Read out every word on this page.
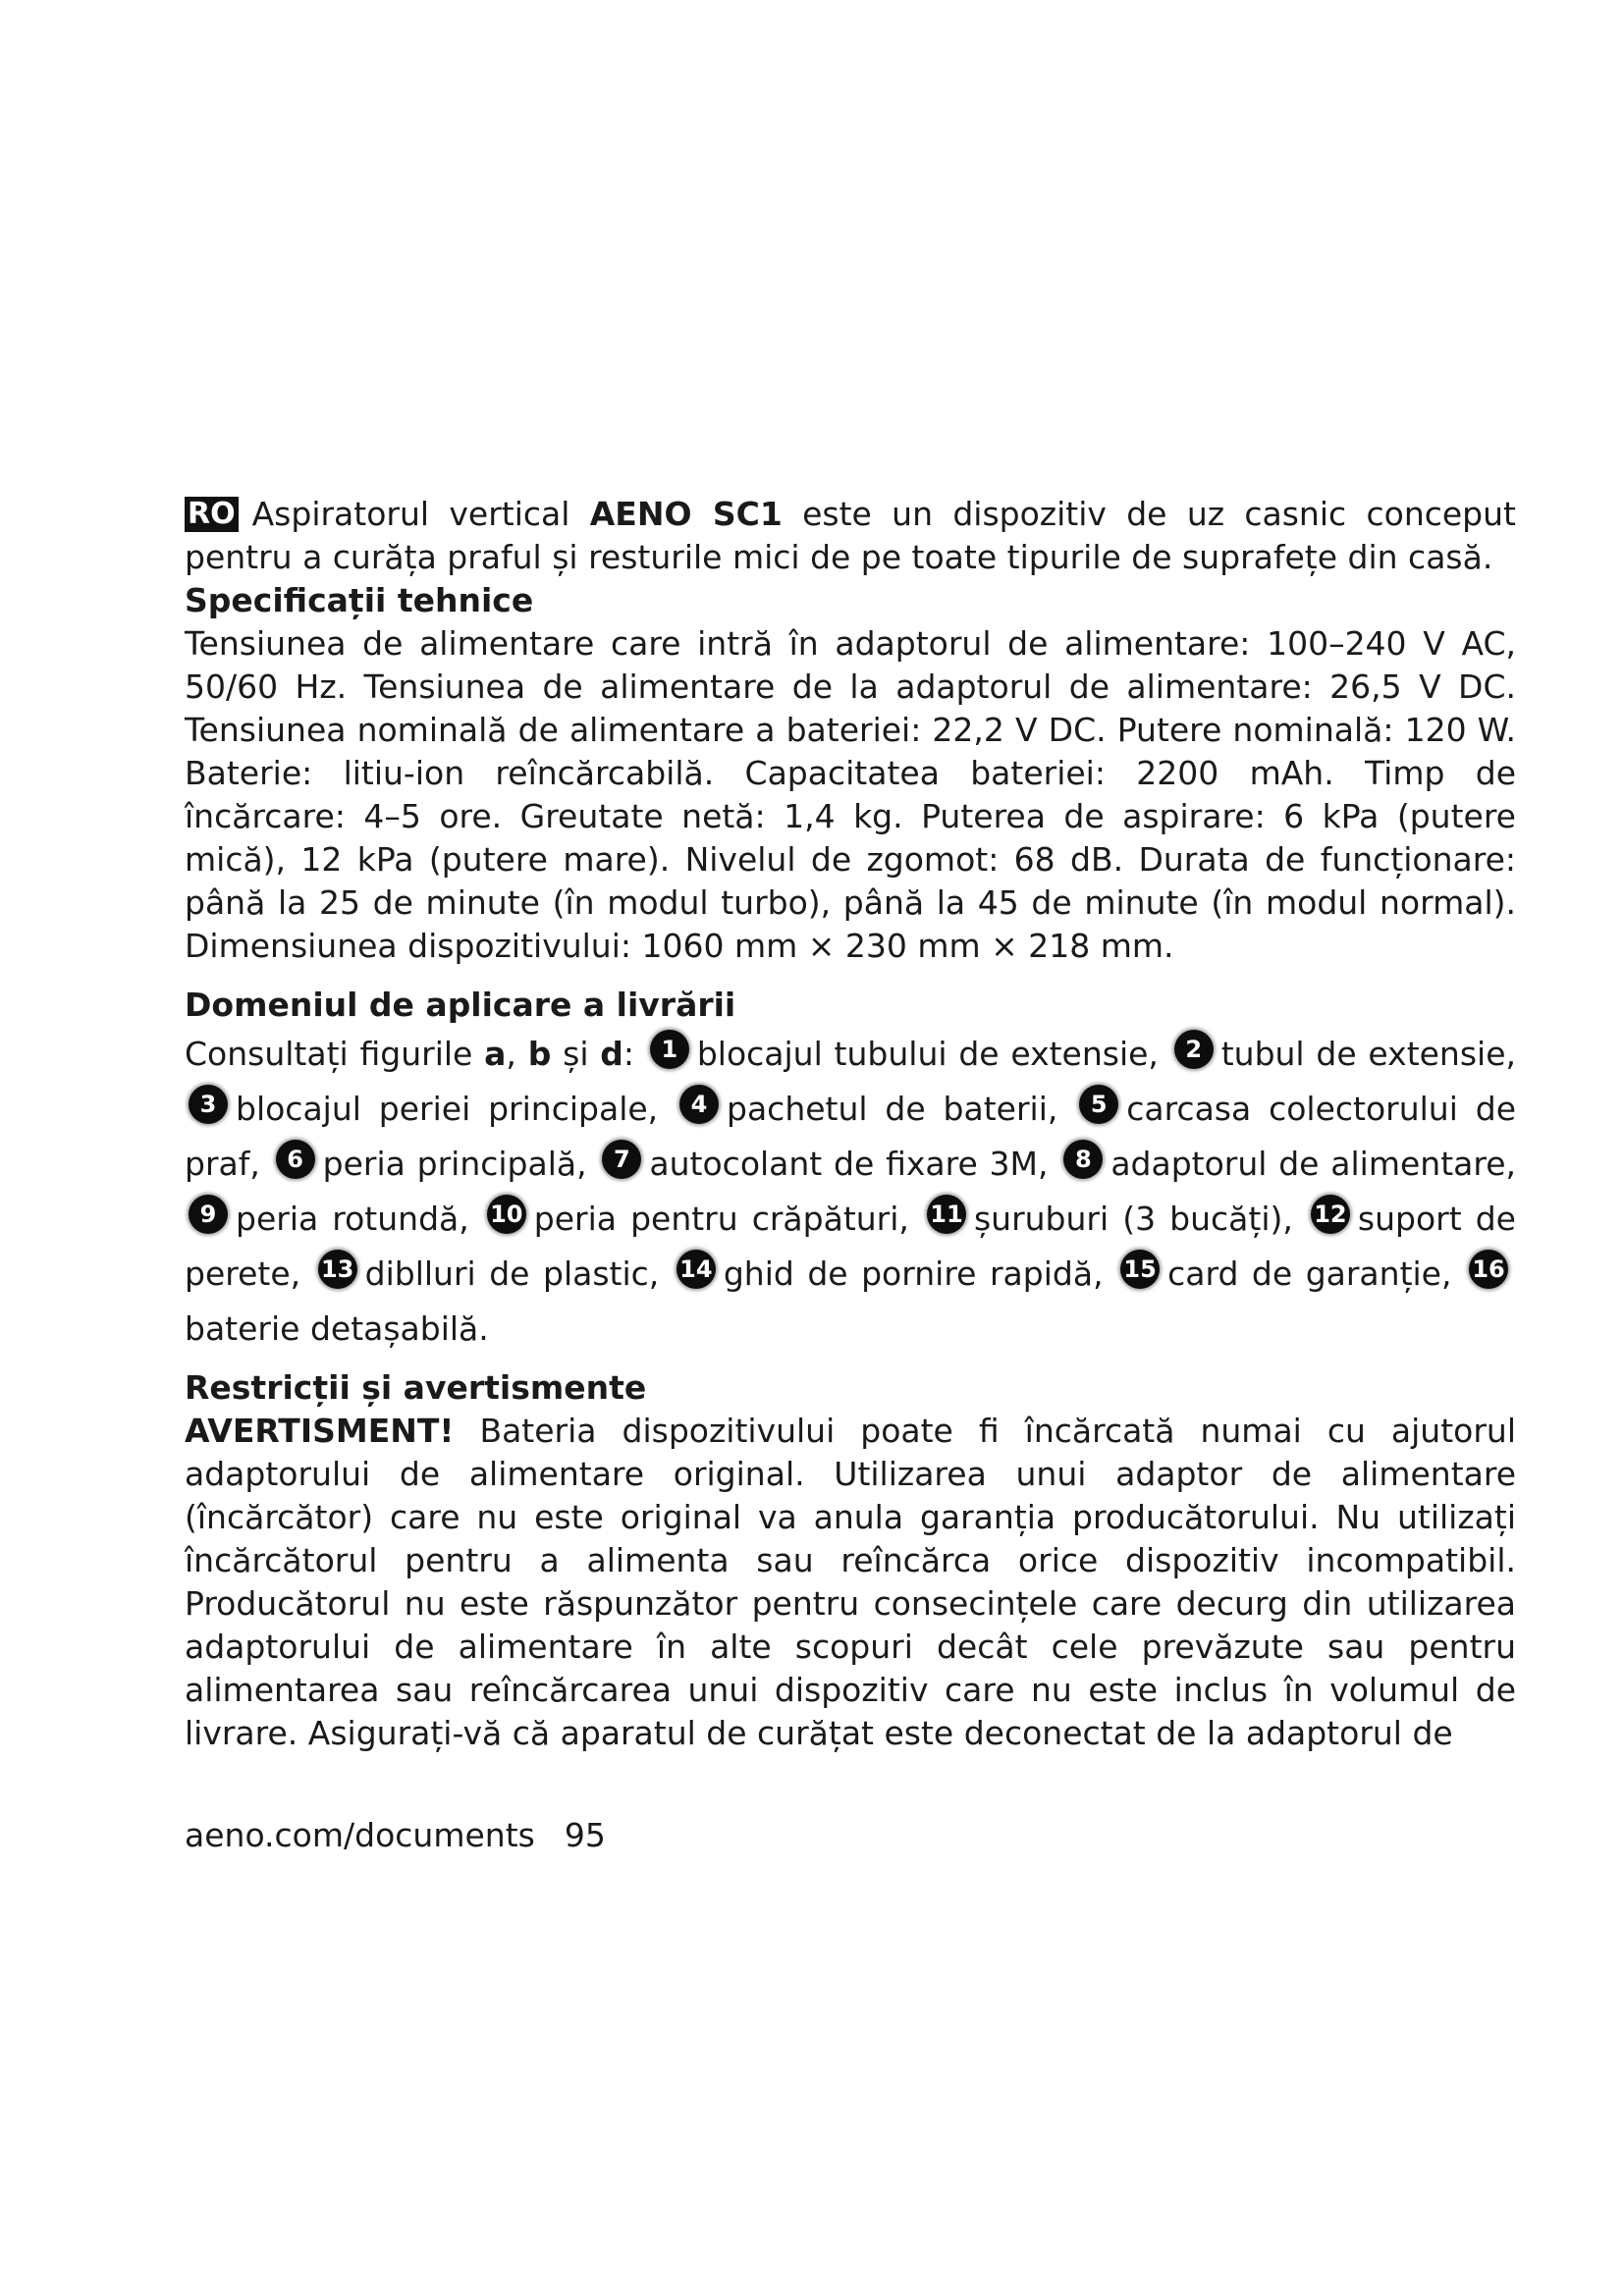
RO Aspiratorul vertical AENO SC1 este un dispozitiv de uz casnic conceput pentru a curăța praful și resturile mici de pe toate tipurile de suprafețe din casă.

Specificații tehnice

Tensiunea de alimentare care intră în adaptorul de alimentare: 100–240 V AC, 50/60 Hz. Tensiunea de alimentare de la adaptorul de alimentare: 26,5 V DC. Tensiunea nominală de alimentare a bateriei: 22,2 V DC. Putere nominală: 120 W. Baterie: litiu-ion reîncărcabilă. Capacitatea bateriei: 2200 mAh. Timp de încărcare: 4–5 ore. Greutate netă: 1,4 kg. Puterea de aspirare: 6 kPa (putere mică), 12 kPa (putere mare). Nivelul de zgomot: 68 dB. Durata de funcționare: până la 25 de minute (în modul turbo), până la 45 de minute (în modul normal). Dimensiunea dispozitivului: 1060 mm × 230 mm × 218 mm.

Domeniul de aplicare a livrării

Consultați figurile a, b și d: 1 blocajul tubului de extensie, 2 tubul de extensie, 3 blocajul periei principale, 4 pachetul de baterii, 5 carcasa colectorului de praf, 6 peria principală, 7 autocolant de fixare 3M, 8 adaptorul de alimentare, 9 peria rotundă, 10 peria pentru crăpături, 11 șuruburi (3 bucăți), 12 suport de perete, 13 diblluri de plastic, 14 ghid de pornire rapidă, 15 card de garanție, 16baterie detașabilă.

Restricții și avertismente

AVERTISMENT! Bateria dispozitivului poate fi încărcată numai cu ajutorul adaptorului de alimentare original. Utilizarea unui adaptor de alimentare (încărcător) care nu este original va anula garanția producătorului. Nu utilizați încărcătorul pentru a alimenta sau reîncărca orice dispozitiv incompatibil. Producătorul nu este răspunzător pentru consecințele care decurg din utilizarea adaptorului de alimentare în alte scopuri decât cele prevăzute sau pentru alimentarea sau reîncărcarea unui dispozitiv care nu este inclus în volumul de livrare. Asigurați-vă că aparatul de curățat este deconectat de la adaptorul de

aeno.com/documents 95
